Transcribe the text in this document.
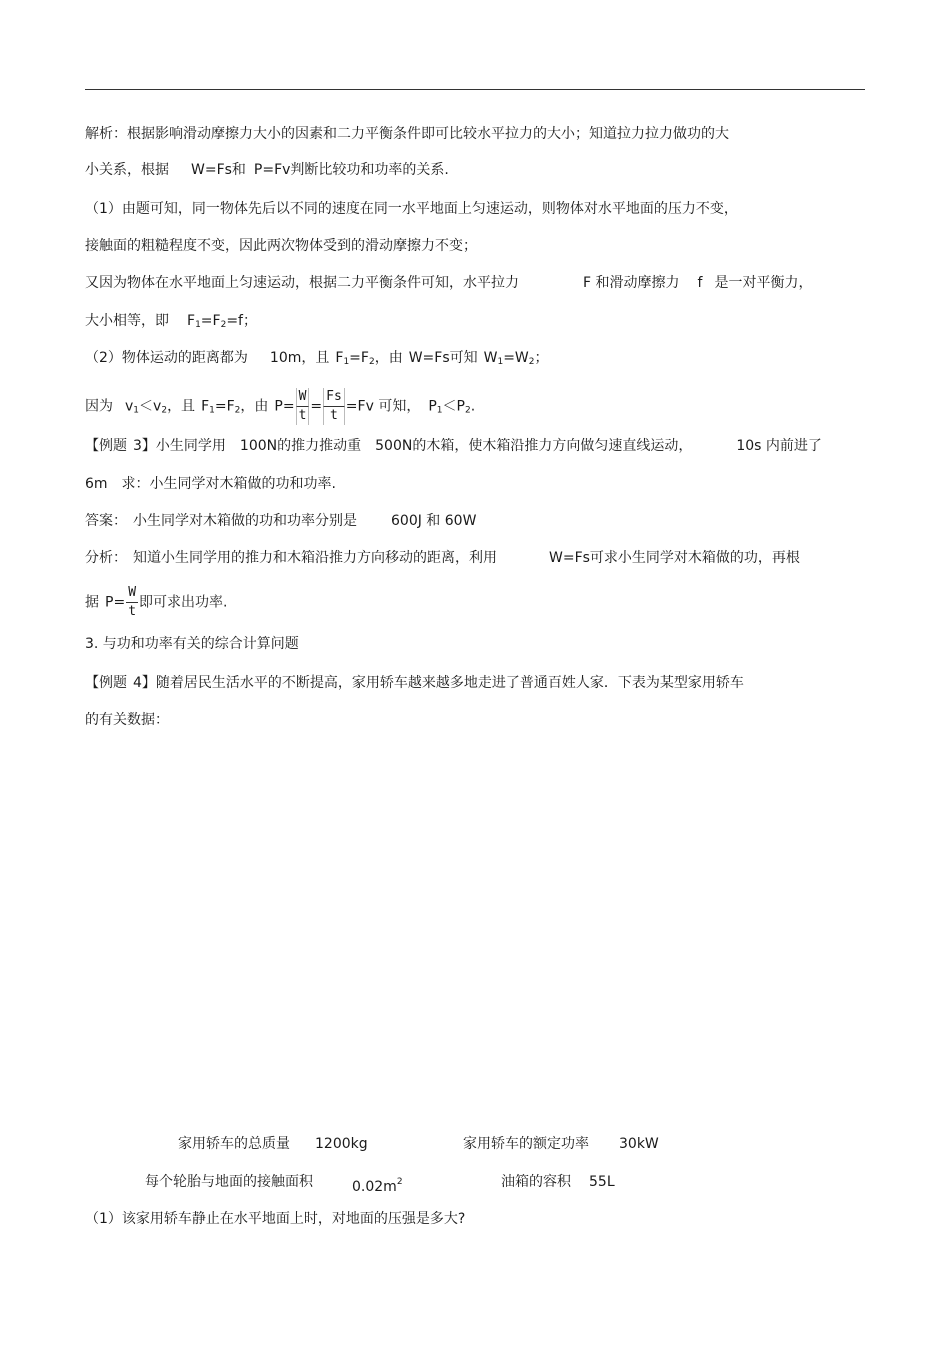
解析：根据影响滑动摩擦力大小的因素和二力平衡条件即可比较水平拉力的大小；知道拉力拉力做功的大
小关系，根据 W=Fs和 P=Fv判断比较功和功率的关系.
（1）由题可知，同一物体先后以不同的速度在同一水平地面上匀速运动，则物体对水平地面的压力不变，
接触面的粗糙程度不变，因此两次物体受到的滑动摩擦力不变；
又因为物体在水平地面上匀速运动，根据二力平衡条件可知，水平拉力	F 和滑动摩擦力 f 是一对平衡力，
大小相等，即 $F_1=F_2=f$；
（2）物体运动的距离都为 10m，且 $F_1=F_2$，由 W=Fs可知 $W_1=W_2$；
因为 $v_1<v_2$，且 $F_1=F_2$，由 $P= \frac{W}{t} = \frac{Fs}{t} =Fv$ 可知， $P_1<P_2$.
【例题 3】小生同学用 100N的推力推动重 500N的木箱，使木箱沿推力方向做匀速直线运动，	10s 内前进了
6m 求：小生同学对木箱做的功和功率.
答案： 小生同学对木箱做的功和功率分别是 600J 和 60W
分析： 知道小生同学用的推力和木箱沿推力方向移动的距离，利用	W=Fs可求小生同学对木箱做的功，再根
据 $P= \frac{W}{t}$ 即可求出功率.
3. 与功和功率有关的综合计算问题
【例题 4】随着居民生活水平的不断提高，家用轿车越来越多地走进了普通百姓人家．下表为某型家用轿车
的有关数据：
家用轿车的总质量 1200kg	家用轿车的额定功率 30kW
每个轮胎与地面的接触面积	$0.02m^2$	油箱的容积 55L
（1）该家用轿车静止在水平地面上时，对地面的压强是多大?
